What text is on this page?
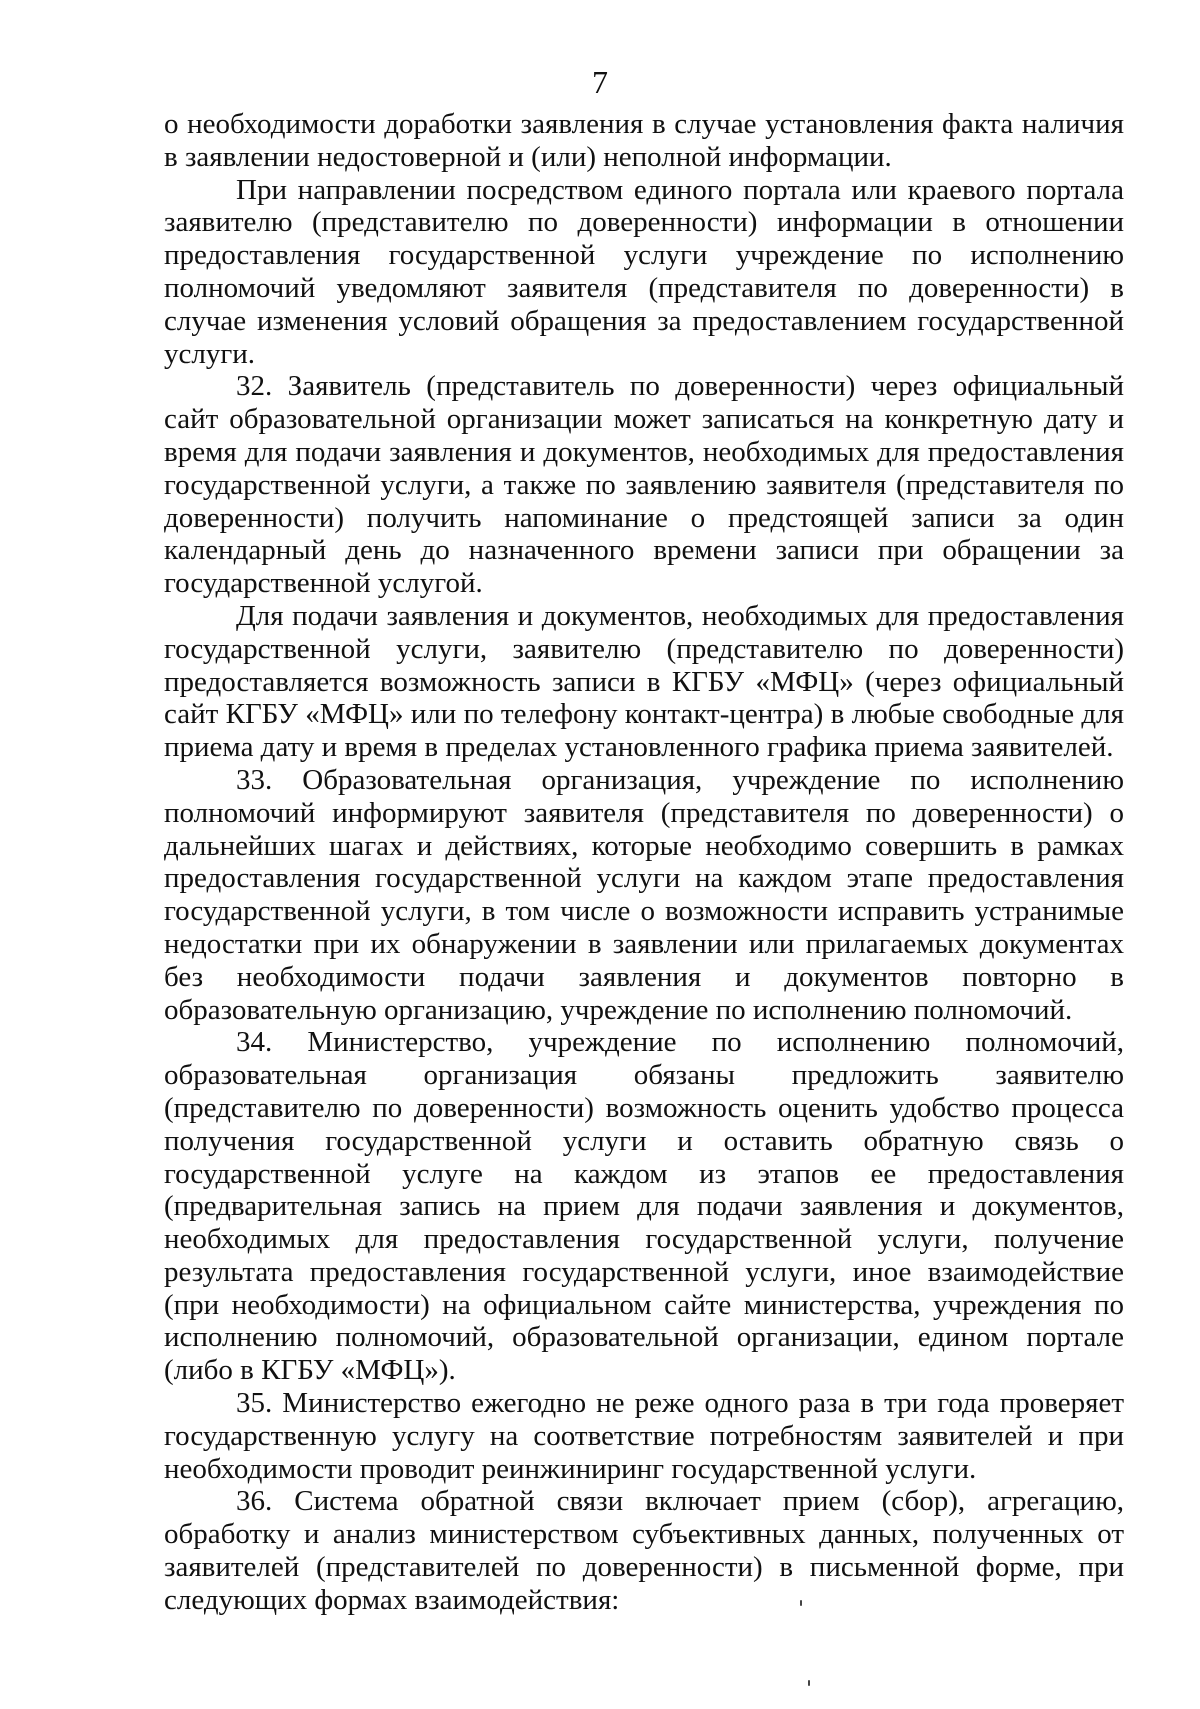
7

о необходимости доработки заявления в случае установления факта наличия в заявлении недостоверной и (или) неполной информации.

При направлении посредством единого портала или краевого портала заявителю (представителю по доверенности) информации в отношении предоставления государственной услуги учреждение по исполнению полномочий уведомляют заявителя (представителя по доверенности) в случае изменения условий обращения за предоставлением государственной услуги.

32. Заявитель (представитель по доверенности) через официальный сайт образовательной организации может записаться на конкретную дату и время для подачи заявления и документов, необходимых для предоставления государственной услуги, а также по заявлению заявителя (представителя по доверенности) получить напоминание о предстоящей записи за один календарный день до назначенного времени записи при обращении за государственной услугой.

Для подачи заявления и документов, необходимых для предоставления государственной услуги, заявителю (представителю по доверенности) предоставляется возможность записи в КГБУ «МФЦ» (через официальный сайт КГБУ «МФЦ» или по телефону контакт-центра) в любые свободные для приема дату и время в пределах установленного графика приема заявителей.

33. Образовательная организация, учреждение по исполнению полномочий информируют заявителя (представителя по доверенности) о дальнейших шагах и действиях, которые необходимо совершить в рамках предоставления государственной услуги на каждом этапе предоставления государственной услуги, в том числе о возможности исправить устранимые недостатки при их обнаружении в заявлении или прилагаемых документах без необходимости подачи заявления и документов повторно в образовательную организацию, учреждение по исполнению полномочий.

34. Министерство, учреждение по исполнению полномочий, образовательная организация обязаны предложить заявителю (представителю по доверенности) возможность оценить удобство процесса получения государственной услуги и оставить обратную связь о государственной услуге на каждом из этапов ее предоставления (предварительная запись на прием для подачи заявления и документов, необходимых для предоставления государственной услуги, получение результата предоставления государственной услуги, иное взаимодействие (при необходимости) на официальном сайте министерства, учреждения по исполнению полномочий, образовательной организации, едином портале (либо в КГБУ «МФЦ»).

35. Министерство ежегодно не реже одного раза в три года проверяет государственную услугу на соответствие потребностям заявителей и при необходимости проводит реинжиниринг государственной услуги.

36. Система обратной связи включает прием (сбор), агрегацию, обработку и анализ министерством субъективных данных, полученных от заявителей (представителей по доверенности) в письменной форме, при следующих формах взаимодействия:
